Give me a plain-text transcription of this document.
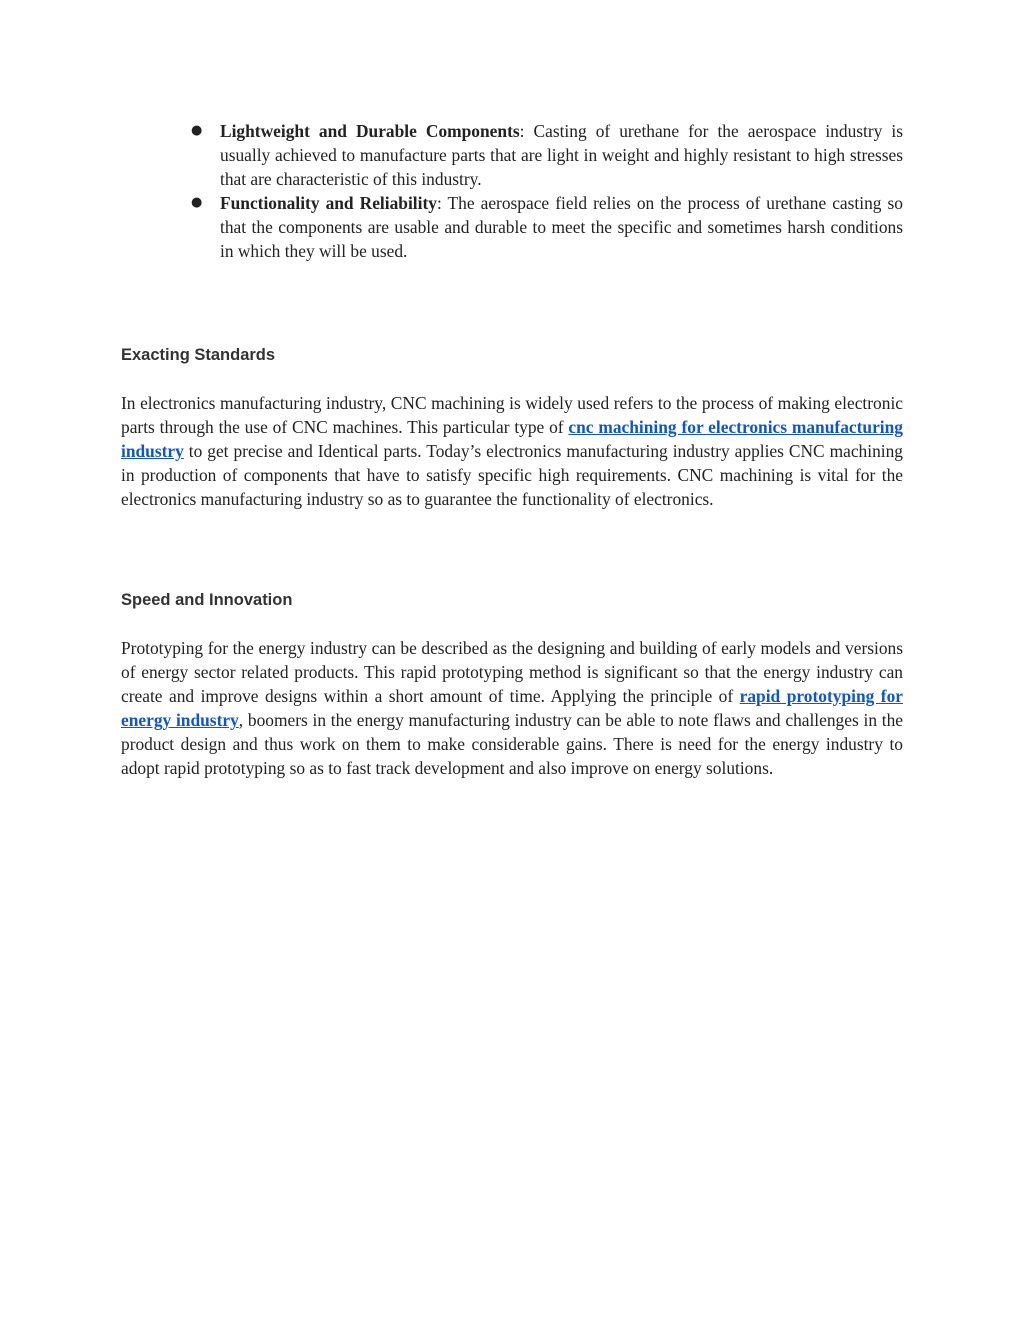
● Lightweight and Durable Components: Casting of urethane for the aerospace industry is usually achieved to manufacture parts that are light in weight and highly resistant to high stresses that are characteristic of this industry.
● Functionality and Reliability: The aerospace field relies on the process of urethane casting so that the components are usable and durable to meet the specific and sometimes harsh conditions in which they will be used.
Exacting Standards

In electronics manufacturing industry, CNC machining is widely used refers to the process of making electronic parts through the use of CNC machines. This particular type of cnc machining for electronics manufacturing industry to get precise and Identical parts. Today’s electronics manufacturing industry applies CNC machining in production of components that have to satisfy specific high requirements. CNC machining is vital for the electronics manufacturing industry so as to guarantee the functionality of electronics.

Speed and Innovation

Prototyping for the energy industry can be described as the designing and building of early models and versions of energy sector related products. This rapid prototyping method is significant so that the energy industry can create and improve designs within a short amount of time. Applying the principle of rapid prototyping for energy industry, boomers in the energy manufacturing industry can be able to note flaws and challenges in the product design and thus work on them to make considerable gains. There is need for the energy industry to adopt rapid prototyping so as to fast track development and also improve on energy solutions.
